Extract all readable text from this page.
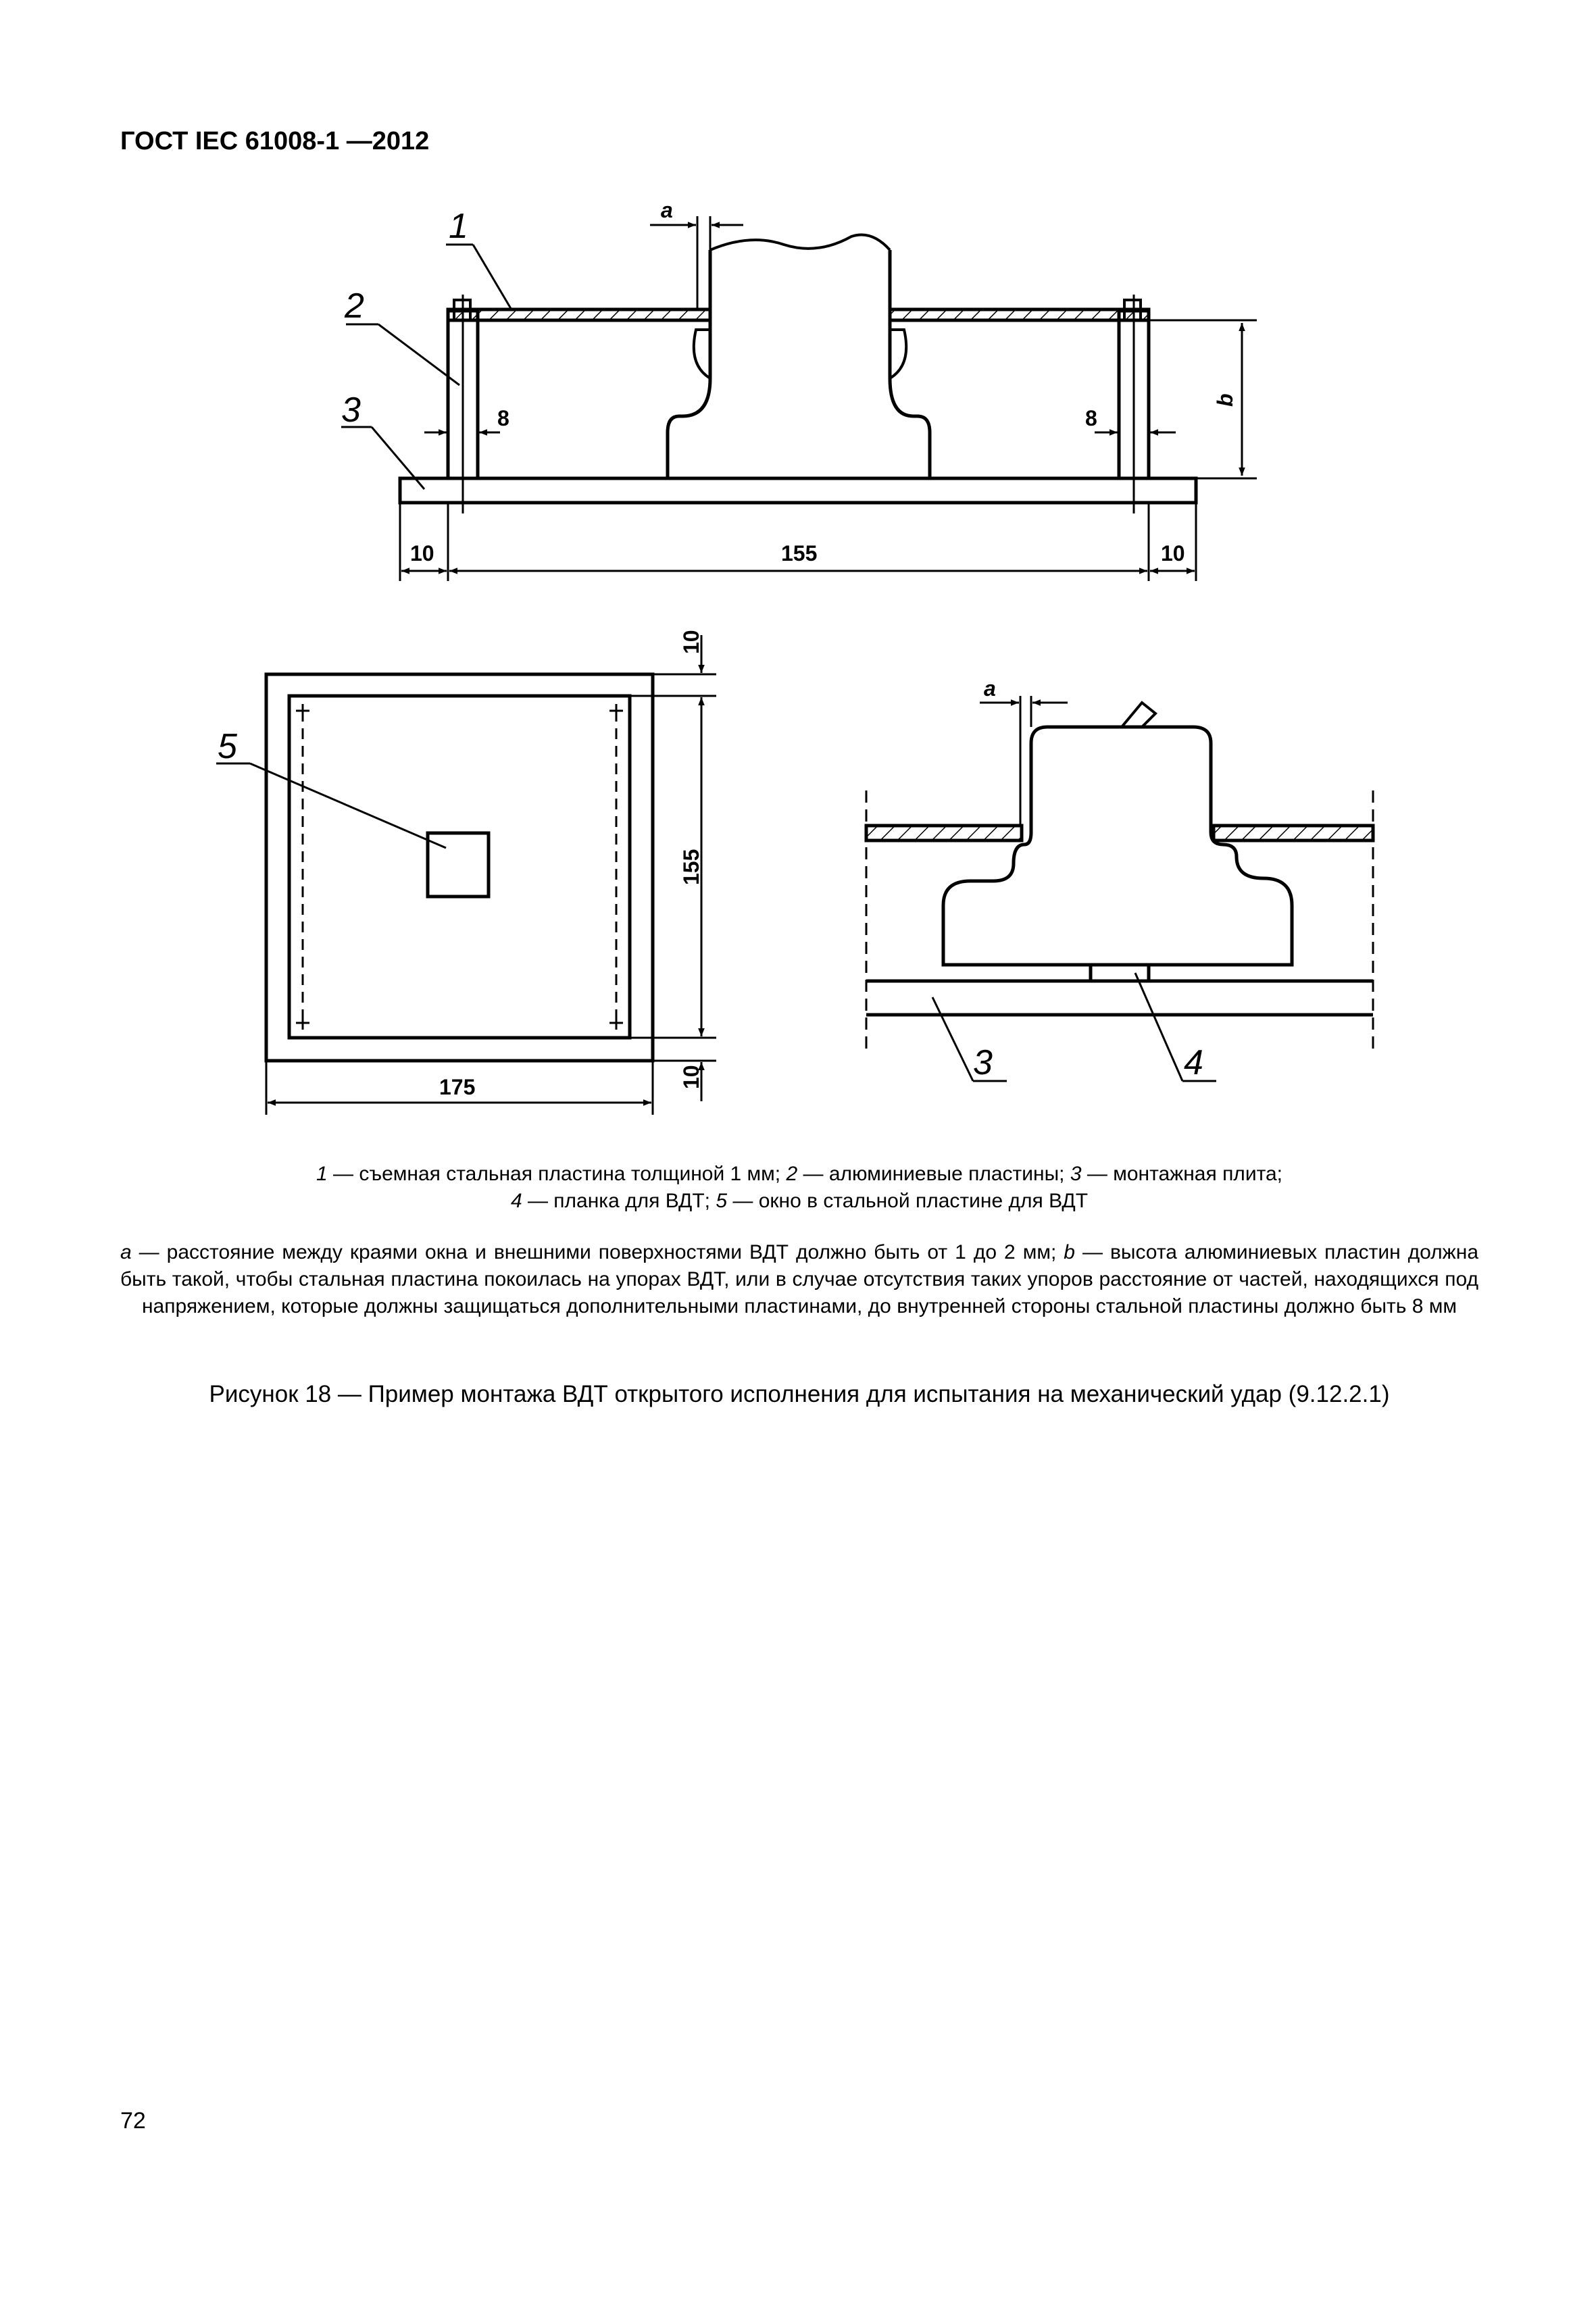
ГОСТ IEC 61008-1 —2012
1
2
3
5
3	4
a
b
8	8
10	155	10
10
155
10
175
a
1 — съемная стальная пластина толщиной 1 мм; 2 — алюминиевые пластины; 3 — монтажная плита;
4 — планка для ВДТ; 5 — окно в стальной пластине для ВДТ
a — расстояние между краями окна и внешними поверхностями ВДТ должно быть от 1 до 2 мм; b — высота алюминиевых пластин должна быть такой, чтобы стальная пластина покоилась на упорах ВДТ, или в случае отсутствия таких упоров расстояние от частей, находящихся под напряжением, которые должны защищаться дополнительными пластинами, до внутренней стороны стальной пластины должно быть 8 мм
Рисунок 18 — Пример монтажа ВДТ открытого исполнения для испытания на механический удар (9.12.2.1)
72
